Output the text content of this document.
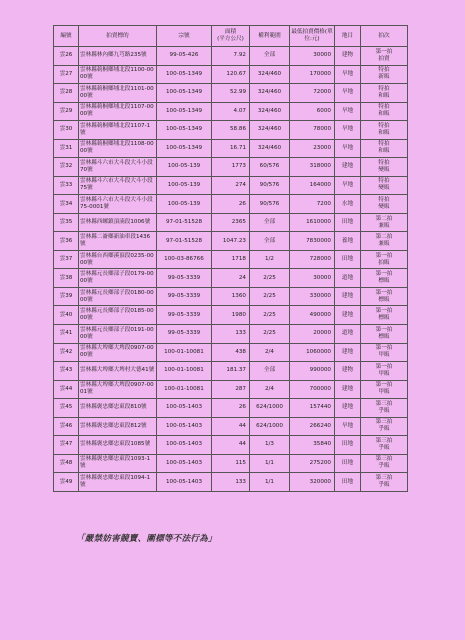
編號	拍賣標的	宗號	面積
(平方公尺)	權利範圍	最低拍賣價格(單位:元)	地目	拍次
雲26	雲林縣林內鄉九芎路235號	99-05-426	7.92	全部	30000	建物	第一拍
拍賣
雲27	雲林縣莿桐鄉埔北段1100-0000號	100-05-1349	120.67	324/460	170000	旱地	特拍
新販
雲28	雲林縣莿桐鄉埔北段1101-0000號	100-05-1349	52.99	324/460	72000	旱地	特拍
和販
雲29	雲林縣莿桐鄉埔北段1107-0000號	100-05-1349	4.07	324/460	6000	旱地	特拍
和販
雲30	雲林縣莿桐鄉埔北段1107-1號	100-05-1349	58.86	324/460	78000	旱地	特拍
和販
雲31	雲林縣莿桐鄉埔北段1108-0000號	100-05-1349	16.71	324/460	23000	旱地	特拍
和販
雲32	雲林縣斗六市大斗段大斗小段70號	100-05-139	1773	60/576	318000	建地	特拍
變販
雲33	雲林縣斗六市大斗段大斗小段75號	100-05-139	274	90/576	164000	旱地	特拍
變販
雲34	雲林縣斗六市大斗段大斗小段75-0001號	100-05-139	26	90/576	7200	水地	特拍
變販
雲35	雲林縣西螺鎮頂湳段1006號	97-01-51528	2365	全部	1610000	田地	第二拍
兼販
雲36	雲林縣二崙鄉新油車段1436號	97-01-51528	1047.23	全部	7830000	養地	第二拍
兼販
雲37	雲林縣台西鄉溪頂段0235-0000號	100-03-86766	1718	1/2	728000	田地	第一拍
拍販
雲38	雲林縣元長鄉部子段0179-0000號	99-05-3339	24	2/25	30000	道地	第一拍
標販
雲39	雲林縣元長鄉部子段0180-0000號	99-05-3339	1360	2/25	330000	建地	第一拍
標販
雲40	雲林縣元長鄉部子段0185-0000號	99-05-3339	1980	2/25	490000	建地	第一拍
標販
雲41	雲林縣元長鄉部子段0191-0000號	99-05-3339	133	2/25	20000	道地	第一拍
標販
雲42	雲林縣大埤鄉大埤段0907-0000號	100-01-10081	438	2/4	1060000	建地	第一拍
甲販
雲43	雲林縣大埤鄉大埤村大德41號	100-01-10081	181.37	全部	990000	建物	第一拍
甲販
雲44	雲林縣大埤鄉大埤段0907-0001號	100-01-10081	287	2/4	700000	建地	第一拍
甲販
雲45	雲林縣褒忠鄉忠東段810號	100-05-1403	26	624/1000	157440	建地	第三拍
乎販
雲46	雲林縣褒忠鄉忠東段812號	100-05-1403	44	624/1000	266240	旱地	第三拍
乎販
雲47	雲林縣褒忠鄉忠東段1085號	100-05-1403	44	1/3	35840	田地	第三拍
乎販
雲48	雲林縣褒忠鄉忠東段1093-1號	100-05-1403	115	1/1	275200	田地	第三拍
乎販
雲49	雲林縣褒忠鄉忠東段1094-1號	100-05-1403	133	1/1	320000	田地	第三拍
乎販
「嚴禁妨害競賣、圍標等不法行為」
